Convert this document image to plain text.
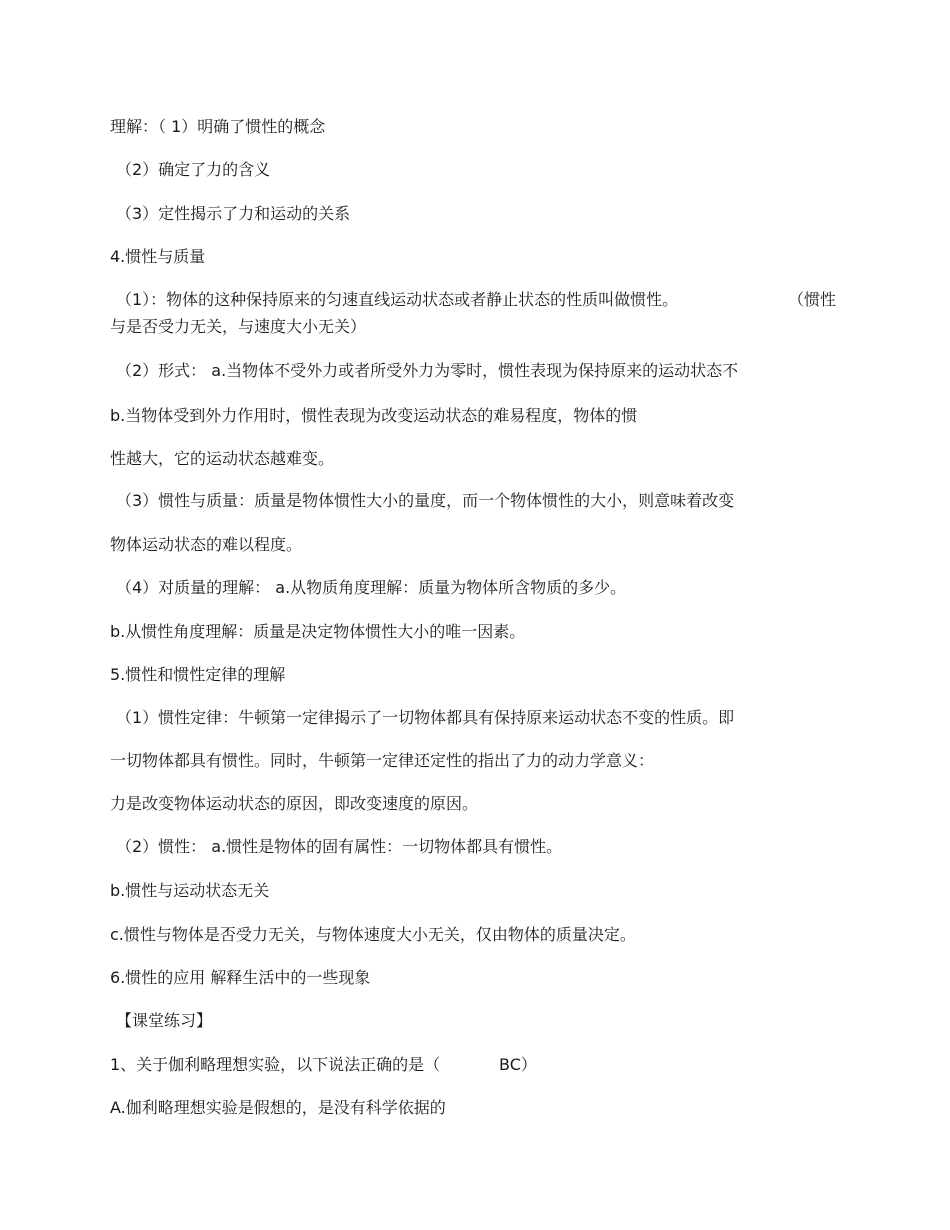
理解：（ 1）明确了惯性的概念
（2）确定了力的含义
（3）定性揭示了力和运动的关系
4.惯性与质量
（1）：物体的这种保持原来的匀速直线运动状态或者静止状态的性质叫做惯性。	（惯性
与是否受力无关，与速度大小无关）
（2）形式： a.当物体不受外力或者所受外力为零时，惯性表现为保持原来的运动状态不
b.当物体受到外力作用时，惯性表现为改变运动状态的难易程度，物体的惯
性越大，它的运动状态越难变。
（3）惯性与质量：质量是物体惯性大小的量度，而一个物体惯性的大小，则意味着改变
物体运动状态的难以程度。
（4）对质量的理解： a.从物质角度理解：质量为物体所含物质的多少。
b.从惯性角度理解：质量是决定物体惯性大小的唯一因素。
5.惯性和惯性定律的理解
（1）惯性定律：牛顿第一定律揭示了一切物体都具有保持原来运动状态不变的性质。即
一切物体都具有惯性。同时，牛顿第一定律还定性的指出了力的动力学意义：
力是改变物体运动状态的原因，即改变速度的原因。
（2）惯性： a.惯性是物体的固有属性：一切物体都具有惯性。
b.惯性与运动状态无关
c.惯性与物体是否受力无关，与物体速度大小无关，仅由物体的质量决定。
6.惯性的应用 解释生活中的一些现象
【课堂练习】
1、关于伽利略理想实验，以下说法正确的是（	BC）
A.伽利略理想实验是假想的，是没有科学依据的
